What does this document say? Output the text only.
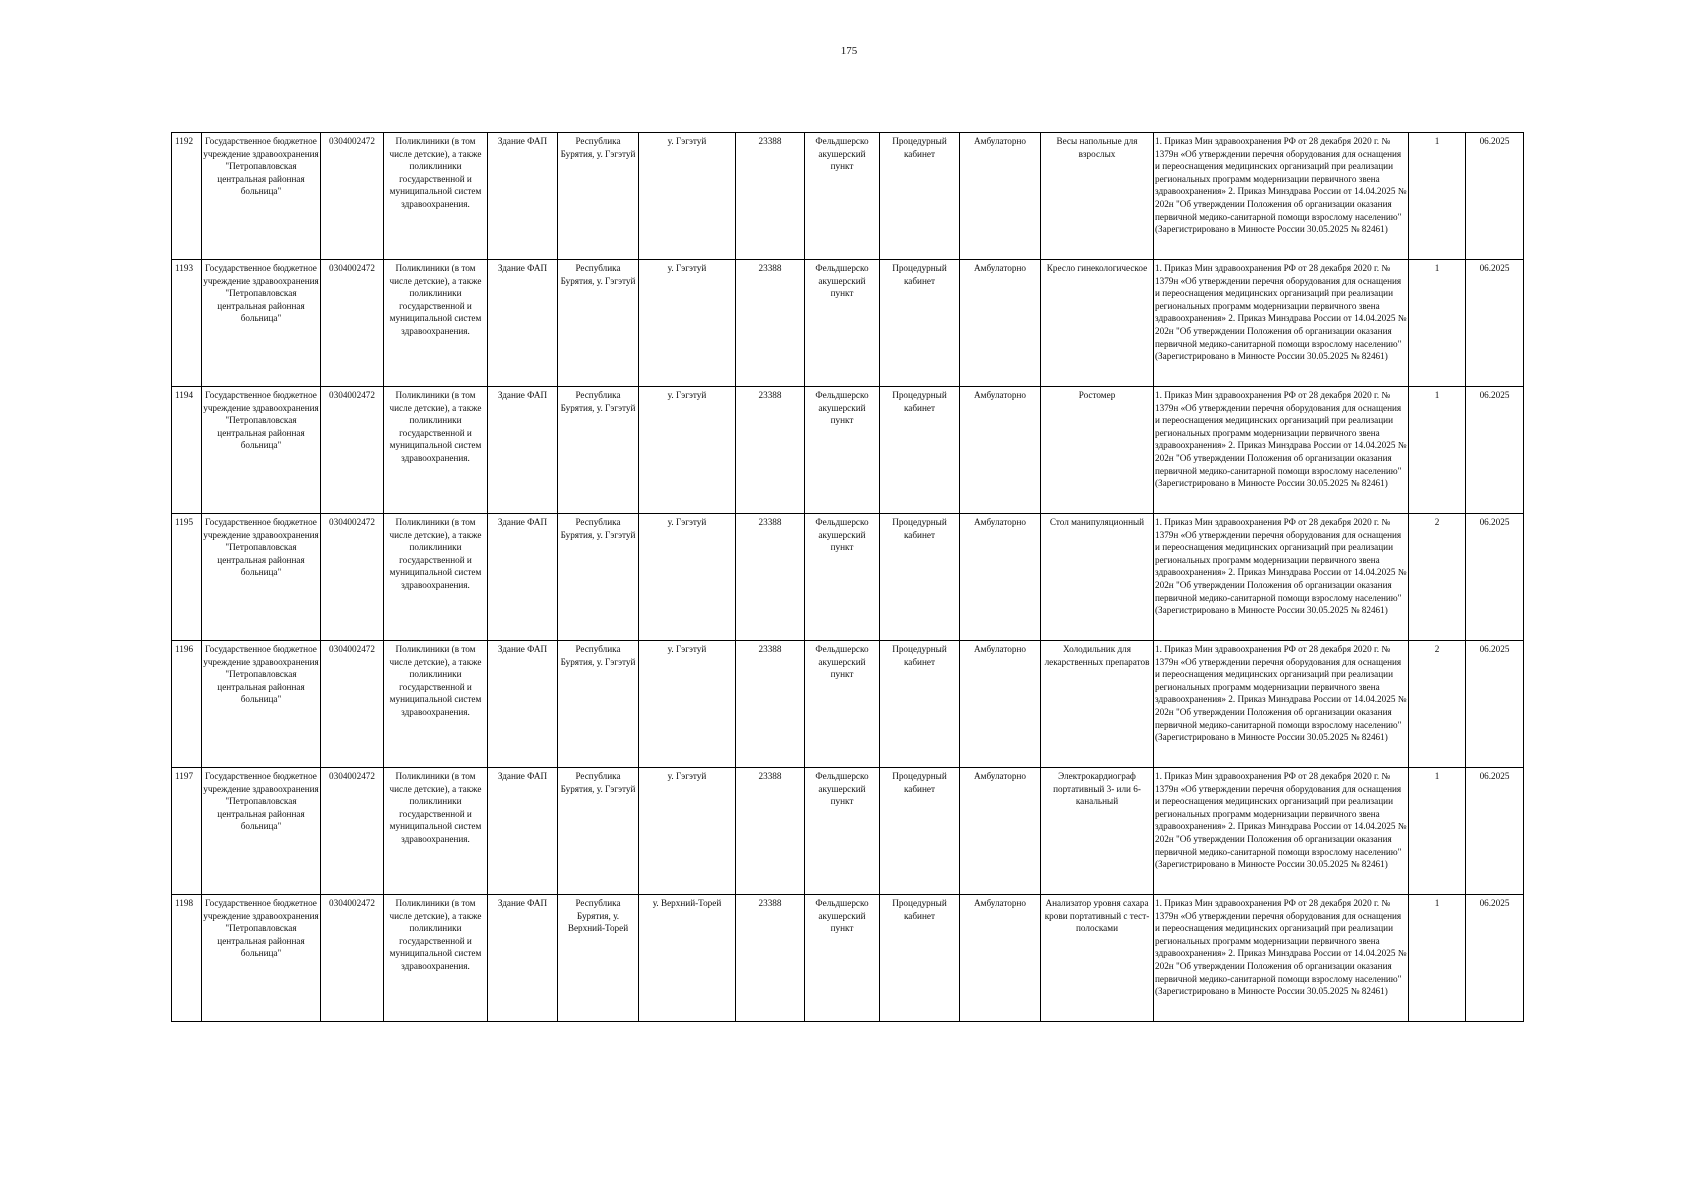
175
1192	Государственное бюджетное учреждение здравоохранения "Петропавловская центральная районная больница"	0304002472	Поликлиники (в том числе детские), а также поликлиники государственной и муниципальной систем здравоохранения.	Здание ФАП	Республика Бурятия, у. Гэгэтуй	у. Гэгэтуй	23388	Фельдшерско акушерский пункт	Процедурный кабинет	Амбулаторно	Весы напольные для взрослых	1. Приказ Мин здравоохранения РФ от 28 декабря 2020 г. № 1379н «Об утверждении перечня оборудования для оснащения и переоснащения медицинских организаций при реализации региональных программ модернизации первичного звена здравоохранения» 2. Приказ Минздрава России от 14.04.2025 № 202н "Об утверждении Положения об организации оказания первичной медико-санитарной помощи взрослому населению" (Зарегистрировано в Минюсте России 30.05.2025 № 82461)	1	06.2025
1193	Государственное бюджетное учреждение здравоохранения "Петропавловская центральная районная больница"	0304002472	Поликлиники (в том числе детские), а также поликлиники государственной и муниципальной систем здравоохранения.	Здание ФАП	Республика Бурятия, у. Гэгэтуй	у. Гэгэтуй	23388	Фельдшерско акушерский пункт	Процедурный кабинет	Амбулаторно	Кресло гинекологическое	1. Приказ Мин здравоохранения РФ от 28 декабря 2020 г. № 1379н «Об утверждении перечня оборудования для оснащения и переоснащения медицинских организаций при реализации региональных программ модернизации первичного звена здравоохранения» 2. Приказ Минздрава России от 14.04.2025 № 202н "Об утверждении Положения об организации оказания первичной медико-санитарной помощи взрослому населению" (Зарегистрировано в Минюсте России 30.05.2025 № 82461)	1	06.2025
1194	Государственное бюджетное учреждение здравоохранения "Петропавловская центральная районная больница"	0304002472	Поликлиники (в том числе детские), а также поликлиники государственной и муниципальной систем здравоохранения.	Здание ФАП	Республика Бурятия, у. Гэгэтуй	у. Гэгэтуй	23388	Фельдшерско акушерский пункт	Процедурный кабинет	Амбулаторно	Ростомер	1. Приказ Мин здравоохранения РФ от 28 декабря 2020 г. № 1379н «Об утверждении перечня оборудования для оснащения и переоснащения медицинских организаций при реализации региональных программ модернизации первичного звена здравоохранения» 2. Приказ Минздрава России от 14.04.2025 № 202н "Об утверждении Положения об организации оказания первичной медико-санитарной помощи взрослому населению" (Зарегистрировано в Минюсте России 30.05.2025 № 82461)	1	06.2025
1195	Государственное бюджетное учреждение здравоохранения "Петропавловская центральная районная больница"	0304002472	Поликлиники (в том числе детские), а также поликлиники государственной и муниципальной систем здравоохранения.	Здание ФАП	Республика Бурятия, у. Гэгэтуй	у. Гэгэтуй	23388	Фельдшерско акушерский пункт	Процедурный кабинет	Амбулаторно	Стол манипуляционный	1. Приказ Мин здравоохранения РФ от 28 декабря 2020 г. № 1379н «Об утверждении перечня оборудования для оснащения и переоснащения медицинских организаций при реализации региональных программ модернизации первичного звена здравоохранения» 2. Приказ Минздрава России от 14.04.2025 № 202н "Об утверждении Положения об организации оказания первичной медико-санитарной помощи взрослому населению" (Зарегистрировано в Минюсте России 30.05.2025 № 82461)	2	06.2025
1196	Государственное бюджетное учреждение здравоохранения "Петропавловская центральная районная больница"	0304002472	Поликлиники (в том числе детские), а также поликлиники государственной и муниципальной систем здравоохранения.	Здание ФАП	Республика Бурятия, у. Гэгэтуй	у. Гэгэтуй	23388	Фельдшерско акушерский пункт	Процедурный кабинет	Амбулаторно	Холодильник для лекарственных препаратов	1. Приказ Мин здравоохранения РФ от 28 декабря 2020 г. № 1379н «Об утверждении перечня оборудования для оснащения и переоснащения медицинских организаций при реализации региональных программ модернизации первичного звена здравоохранения» 2. Приказ Минздрава России от 14.04.2025 № 202н "Об утверждении Положения об организации оказания первичной медико-санитарной помощи взрослому населению" (Зарегистрировано в Минюсте России 30.05.2025 № 82461)	2	06.2025
1197	Государственное бюджетное учреждение здравоохранения "Петропавловская центральная районная больница"	0304002472	Поликлиники (в том числе детские), а также поликлиники государственной и муниципальной систем здравоохранения.	Здание ФАП	Республика Бурятия, у. Гэгэтуй	у. Гэгэтуй	23388	Фельдшерско акушерский пункт	Процедурный кабинет	Амбулаторно	Электрокардиограф портативный 3- или 6-канальный	1. Приказ Мин здравоохранения РФ от 28 декабря 2020 г. № 1379н «Об утверждении перечня оборудования для оснащения и переоснащения медицинских организаций при реализации региональных программ модернизации первичного звена здравоохранения» 2. Приказ Минздрава России от 14.04.2025 № 202н "Об утверждении Положения об организации оказания первичной медико-санитарной помощи взрослому населению" (Зарегистрировано в Минюсте России 30.05.2025 № 82461)	1	06.2025
1198	Государственное бюджетное учреждение здравоохранения "Петропавловская центральная районная больница"	0304002472	Поликлиники (в том числе детские), а также поликлиники государственной и муниципальной систем здравоохранения.	Здание ФАП	Республика Бурятия, у. Верхний-Торей	у. Верхний-Торей	23388	Фельдшерско акушерский пункт	Процедурный кабинет	Амбулаторно	Анализатор уровня сахара крови портативный с тест-полосками	1. Приказ Мин здравоохранения РФ от 28 декабря 2020 г. № 1379н «Об утверждении перечня оборудования для оснащения и переоснащения медицинских организаций при реализации региональных программ модернизации первичного звена здравоохранения» 2. Приказ Минздрава России от 14.04.2025 № 202н "Об утверждении Положения об организации оказания первичной медико-санитарной помощи взрослому населению" (Зарегистрировано в Минюсте России 30.05.2025 № 82461)	1	06.2025
